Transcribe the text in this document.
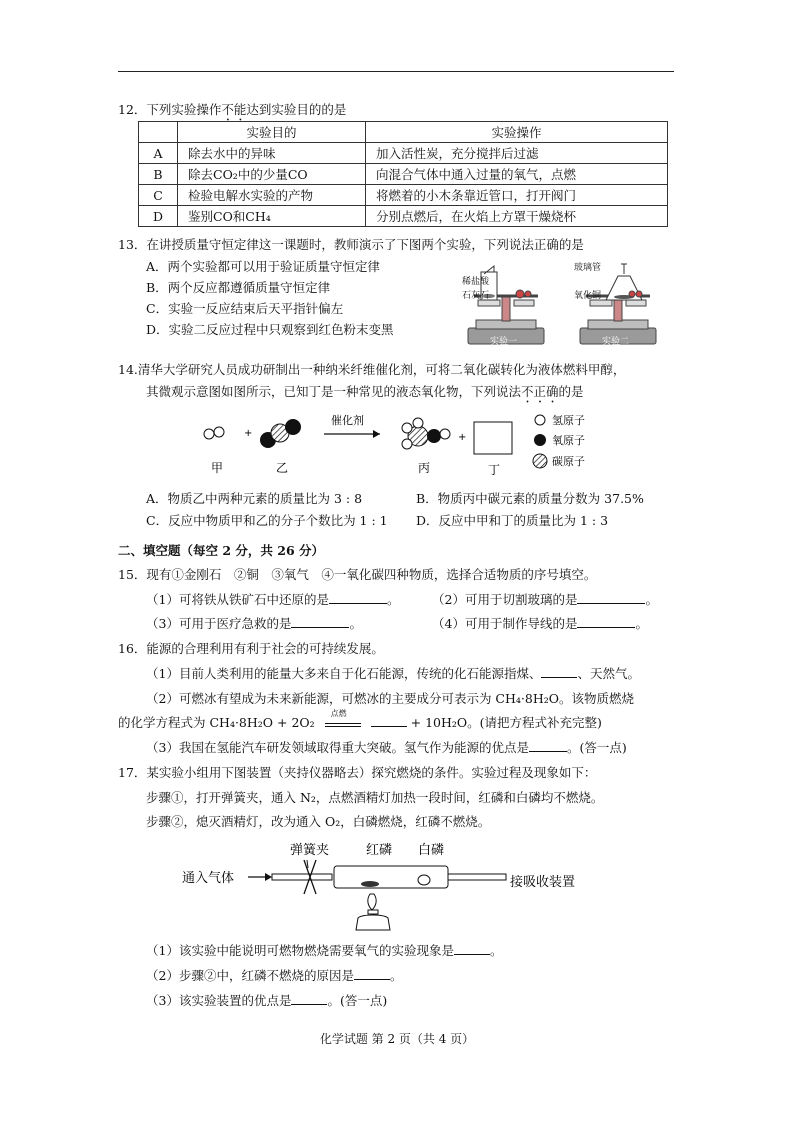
12．下列实验操作不能达到实验目的的是
	实验目的	实验操作
A	除去水中的异味	加入活性炭，充分搅拌后过滤
B	除去CO₂中的少量CO	向混合气体中通入过量的氧气，点燃
C	检验电解水实验的产物	将燃着的小木条靠近管口，打开阀门
D	鉴别CO和CH₄	分别点燃后，在火焰上方罩干燥烧杯
13．在讲授质量守恒定律这一课题时，教师演示了下图两个实验，下列说法正确的是
A．两个实验都可以用于验证质量守恒定律
B．两个反应都遵循质量守恒定律
C．实验一反应结束后天平指针偏左
D．实验二反应过程中只观察到红色粉末变黑
稀盐酸
石灰石
实验一
玻璃管
氧化铜
实验二
14.清华大学研究人员成功研制出一种纳米纤维催化剂，可将二氧化碳转化为液体燃料甲醇，
其微观示意图如图所示，已知丁是一种常见的液态氧化物，下列说法不正确的是
+
催化剂
+
甲	乙	丙	丁
氢原子
氧原子
碳原子
A．物质乙中两种元素的质量比为 3 : 8	B．物质丙中碳元素的质量分数为 37.5%
C．反应中物质甲和乙的分子个数比为 1 : 1 D．反应中甲和丁的质量比为 1 : 3
二、填空题（每空 2 分，共 26 分）
15．现有①金刚石　②铜　③氧气　④一氧化碳四种物质，选择合适物质的序号填空。
（1）可将铁从铁矿石中还原的是	。	（2）可用于切割玻璃的是	。
（3）可用于医疗急救的是	。	（4）可用于制作导线的是	。
16．能源的合理利用有利于社会的可持续发展。
（1）目前人类利用的能量大多来自于化石能源，传统的化石能源指煤、	、天然气。
（2）可燃冰有望成为未来新能源，可燃冰的主要成分可表示为 CH₄·8H₂O。该物质燃烧
的化学方程式为 CH₄·8H₂O + 2O₂
点燃
+ 10H₂O。(请把方程式补充完整)
（3）我国在氢能汽车研发领域取得重大突破。氢气作为能源的优点是	。(答一点)
17．某实验小组用下图装置（夹持仪器略去）探究燃烧的条件。实验过程及现象如下：
步骤①，打开弹簧夹，通入 N₂，点燃酒精灯加热一段时间，红磷和白磷均不燃烧。
步骤②，熄灭酒精灯，改为通入 O₂，白磷燃烧，红磷不燃烧。
弹簧夹	红磷 白磷
通入气体	接吸收装置
（1）该实验中能说明可燃物燃烧需要氧气的实验现象是	。
（2）步骤②中，红磷不燃烧的原因是	。
（3）该实验装置的优点是	。(答一点)
化学试题 第 2 页（共 4 页）
